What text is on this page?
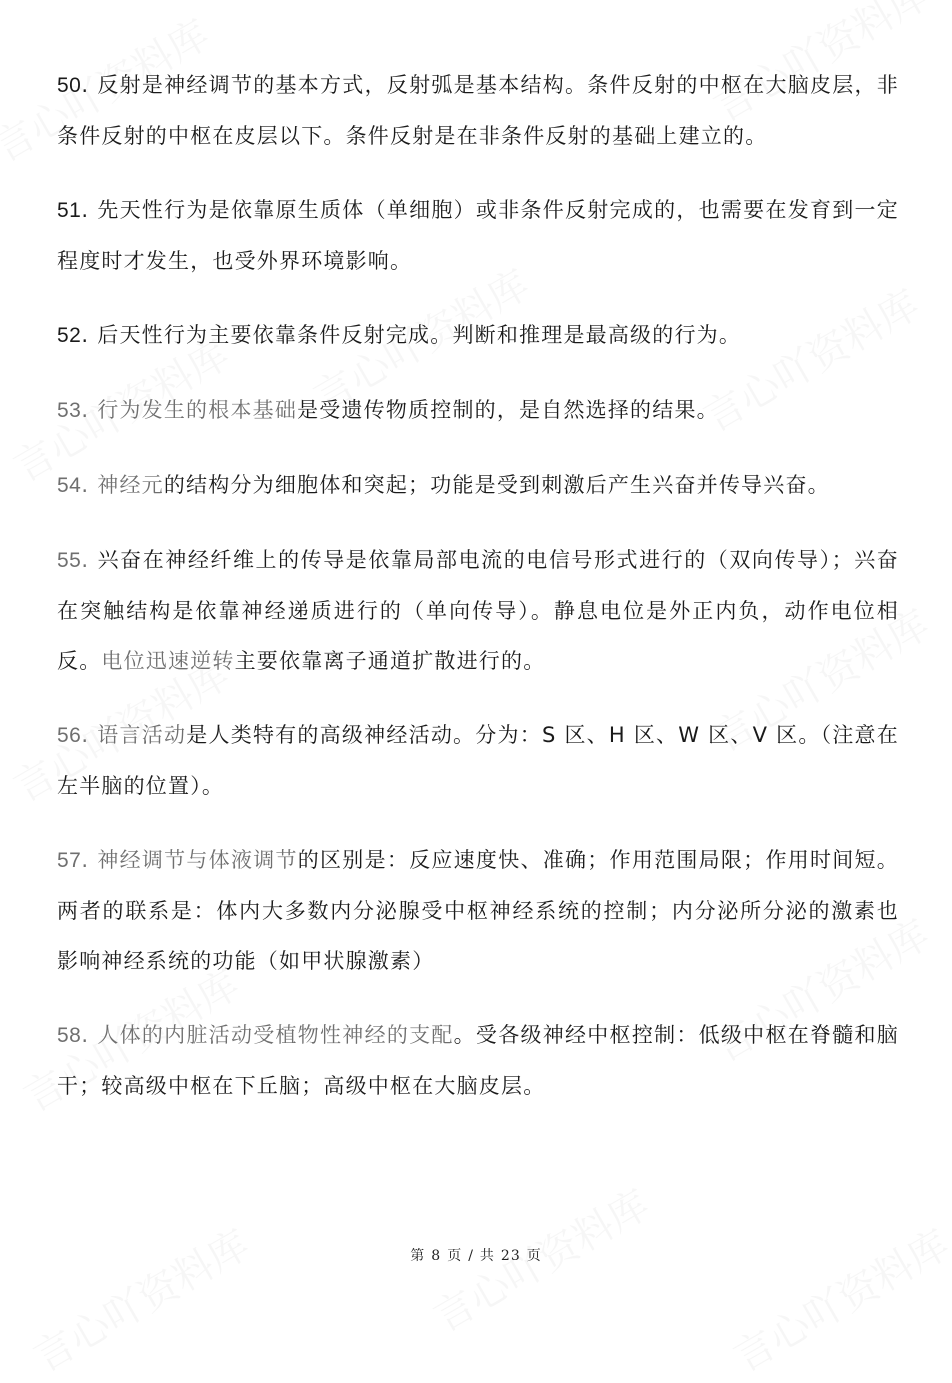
50. 反射是神经调节的基本方式，反射弧是基本结构。条件反射的中枢在大脑皮层，非条件反射的中枢在皮层以下。条件反射是在非条件反射的基础上建立的。

51. 先天性行为是依靠原生质体（单细胞）或非条件反射完成的，也需要在发育到一定程度时才发生，也受外界环境影响。

52. 后天性行为主要依靠条件反射完成。判断和推理是最高级的行为。

53. 行为发生的根本基础是受遗传物质控制的，是自然选择的结果。

54. 神经元的结构分为细胞体和突起；功能是受到刺激后产生兴奋并传导兴奋。

55. 兴奋在神经纤维上的传导是依靠局部电流的电信号形式进行的（双向传导）；兴奋在突触结构是依靠神经递质进行的（单向传导）。静息电位是外正内负，动作电位相反。电位迅速逆转主要依靠离子通道扩散进行的。

56. 语言活动是人类特有的高级神经活动。分为：S 区、H 区、W 区、V 区。（注意在左半脑的位置）。

57. 神经调节与体液调节的区别是：反应速度快、准确；作用范围局限；作用时间短。两者的联系是：体内大多数内分泌腺受中枢神经系统的控制；内分泌所分泌的激素也影响神经系统的功能（如甲状腺激素）

58. 人体的内脏活动受植物性神经的支配。受各级神经中枢控制：低级中枢在脊髓和脑干；较高级中枢在下丘脑；高级中枢在大脑皮层。

第 8 页 / 共 23 页
